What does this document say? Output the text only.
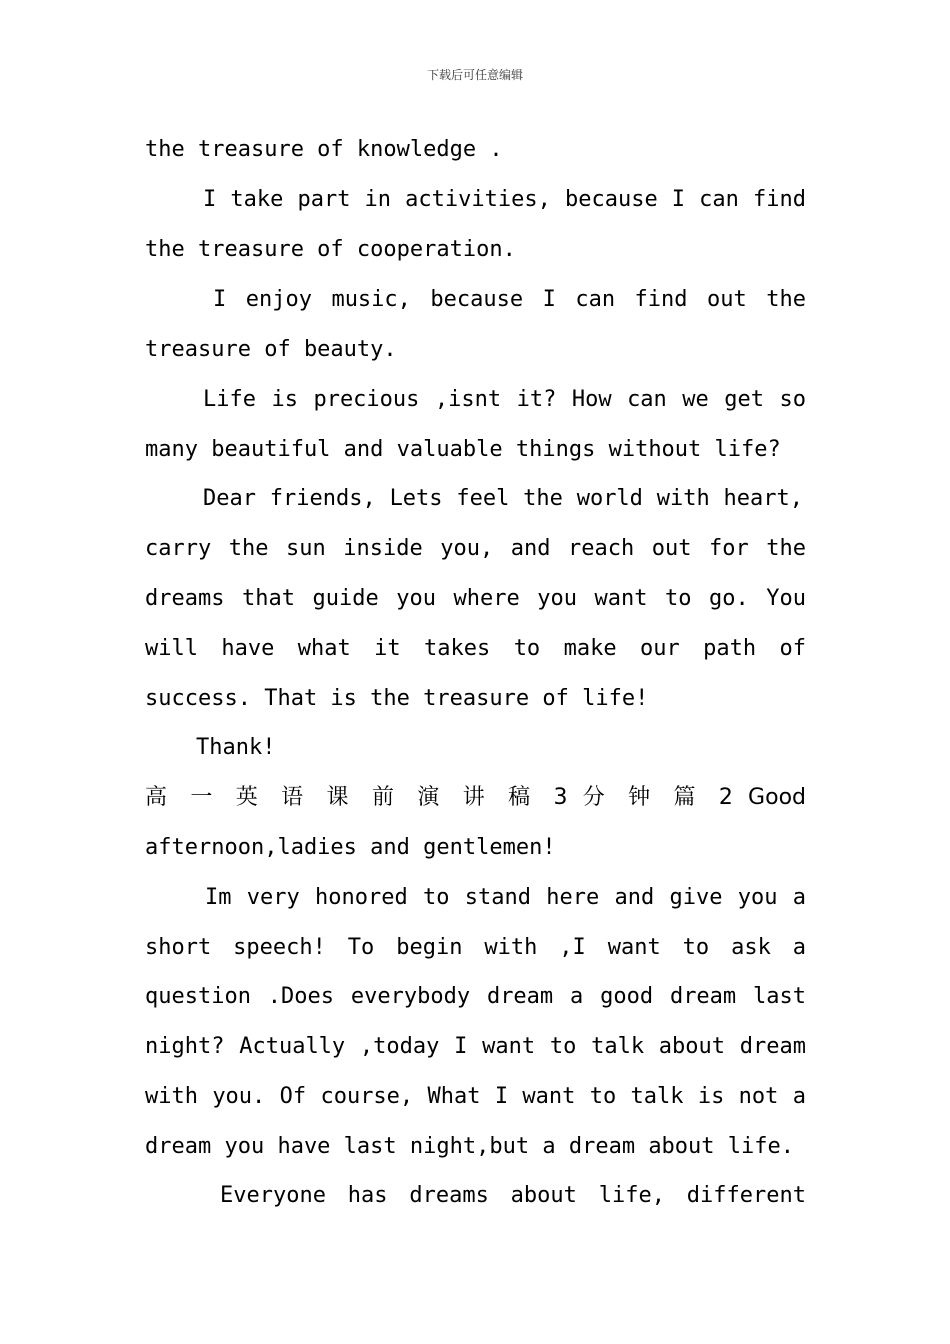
下载后可任意编辑
the treasure of knowledge .
I take part in activities, because I can find
the treasure of cooperation.
I enjoy music, because I can find out the
treasure of beauty.
Life is precious ,isnt it? How can we get so
many beautiful and valuable things without life?
Dear friends, Lets feel the world with heart,
carry the sun inside you, and reach out for the
dreams that guide you where you want to go. You
will have what it takes to make our path of
success. That is the treasure of life!
Thank!
高 一 英 语 课 前 演 讲 稿 3 分 钟 篇 2 Good
afternoon,ladies and gentlemen!
Im very honored to stand here and give you a
short speech! To begin with ,I want to ask a
question .Does everybody dream a good dream last
night? Actually ,today I want to talk about dream
with you. Of course, What I want to talk is not a
dream you have last night,but a dream about life.
Everyone has dreams about life, different
